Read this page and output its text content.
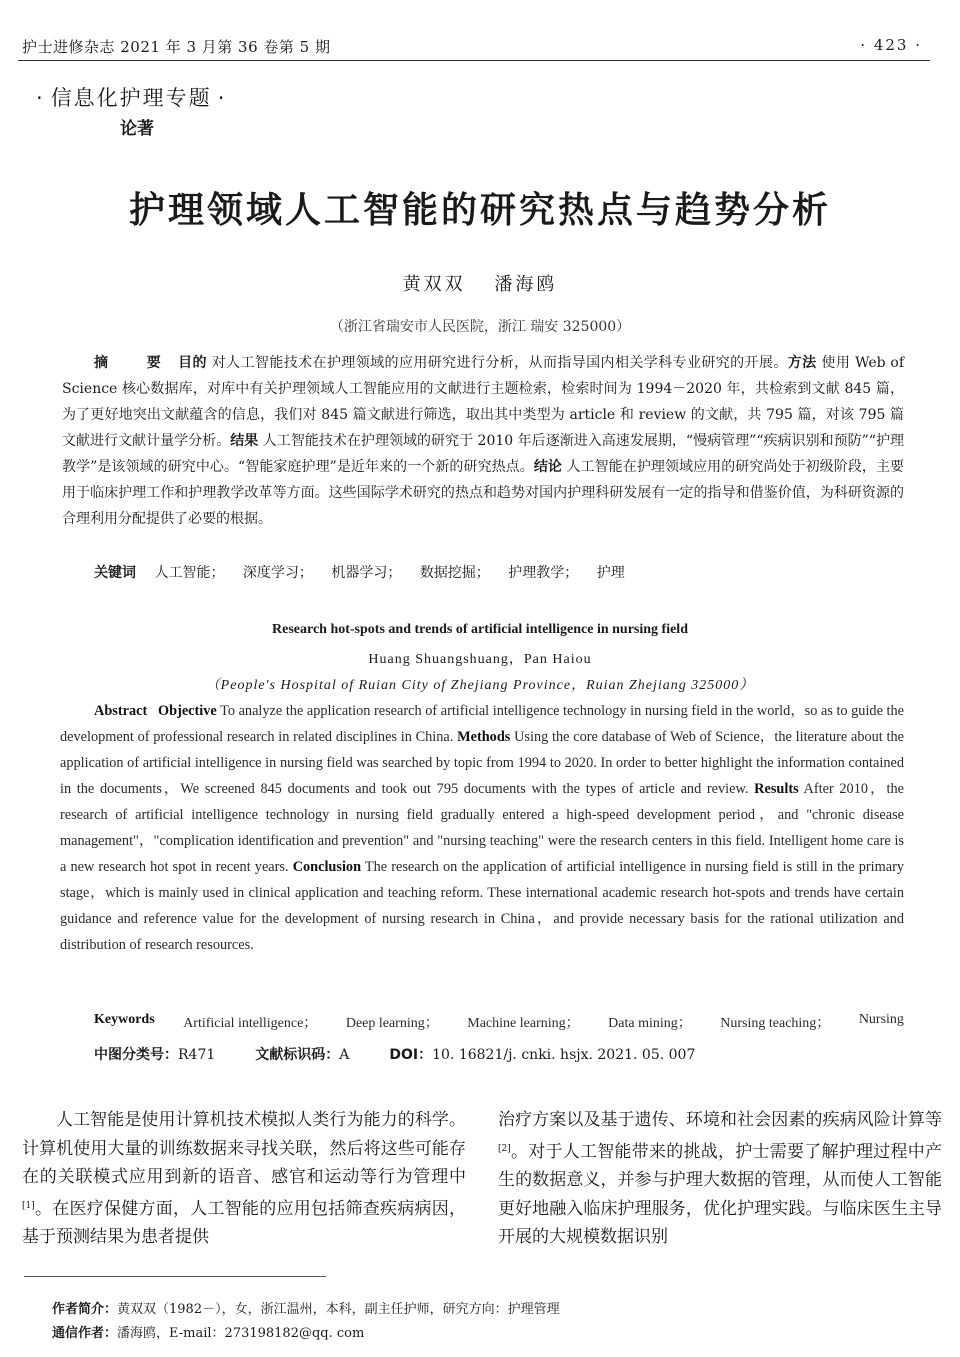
护士进修杂志 2021 年 3 月第 36 卷第 5 期	· 423 ·
· 信息化护理专题 ·
论著
护理领域人工智能的研究热点与趋势分析
黄双双 潘海鸥
（浙江省瑞安市人民医院，浙江 瑞安 325000）
摘　要 目的 对人工智能技术在护理领域的应用研究进行分析，从而指导国内相关学科专业研究的开展。方法 使用 Web of Science 核心数据库，对库中有关护理领域人工智能应用的文献进行主题检索，检索时间为 1994－2020 年，共检索到文献 845 篇，为了更好地突出文献蕴含的信息，我们对 845 篇文献进行筛选，取出其中类型为 article 和 review 的文献，共 795 篇，对该 795 篇文献进行文献计量学分析。结果 人工智能技术在护理领域的研究于 2010 年后逐渐进入高速发展期，“慢病管理”“疾病识别和预防”“护理教学”是该领域的研究中心。“智能家庭护理”是近年来的一个新的研究热点。结论 人工智能在护理领域应用的研究尚处于初级阶段，主要用于临床护理工作和护理教学改革等方面。这些国际学术研究的热点和趋势对国内护理科研发展有一定的指导和借鉴价值，为科研资源的合理利用分配提供了必要的根据。
关键词 人工智能； 深度学习； 机器学习； 数据挖掘； 护理教学； 护理
Research hot-spots and trends of artificial intelligence in nursing field
Huang Shuangshuang，Pan Haiou
（People's Hospital of Ruian City of Zhejiang Province，Ruian Zhejiang 325000）
Abstract Objective To analyze the application research of artificial intelligence technology in nursing field in the world，so as to guide the development of professional research in related disciplines in China. Methods Using the core database of Web of Science，the literature about the application of artificial intelligence in nursing field was searched by topic from 1994 to 2020. In order to better highlight the information contained in the documents，We screened 845 documents and took out 795 documents with the types of article and review. Results After 2010，the research of artificial intelligence technology in nursing field gradually entered a high-speed development period，and "chronic disease management"，"complication identification and prevention" and "nursing teaching" were the research centers in this field. Intelligent home care is a new research hot spot in recent years. Conclusion The research on the application of artificial intelligence in nursing field is still in the primary stage，which is mainly used in clinical application and teaching reform. These international academic research hot-spots and trends have certain guidance and reference value for the development of nursing research in China，and provide necessary basis for the rational utilization and distribution of research resources.
Keywords Artificial intelligence； Deep learning； Machine learning； Data mining； Nursing teaching； Nursing
中图分类号：R471	文献标识码：A	DOI：10. 16821/j. cnki. hsjx. 2021. 05. 007
人工智能是使用计算机技术模拟人类行为能力的科学。计算机使用大量的训练数据来寻找关联，然后将这些可能存在的关联模式应用到新的语音、感官和运动等行为管理中[1]。在医疗保健方面，人工智能的应用包括筛查疾病病因，基于预测结果为患者提供
治疗方案以及基于遗传、环境和社会因素的疾病风险计算等[2]。对于人工智能带来的挑战，护士需要了解护理过程中产生的数据意义，并参与护理大数据的管理，从而使人工智能更好地融入临床护理服务，优化护理实践。与临床医生主导开展的大规模数据识别
作者简介：黄双双（1982－），女，浙江温州，本科，副主任护师，研究方向：护理管理
通信作者：潘海鸥，E-mail：273198182@qq. com
